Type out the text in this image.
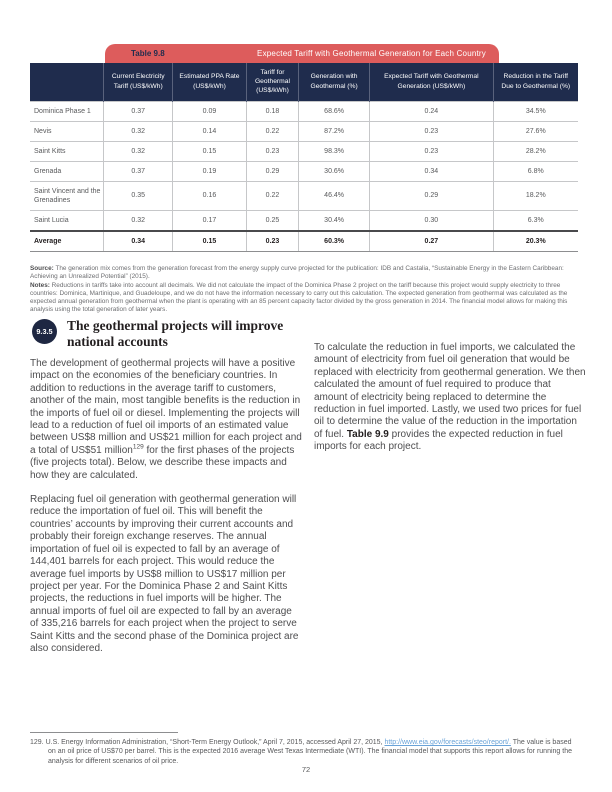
Table 9.8	Expected Tariff with Geothermal Generation for Each Country
	Current Electricity Tariff (US$/kWh)	Estimated PPA Rate (US$/kWh)	Tariff for Geothermal (US$/kWh)	Generation with Geothermal (%)	Expected Tariff with Geothermal Generation (US$/kWh)	Reduction in the Tariff Due to Geothermal (%)
Dominica Phase 1	0.37	0.09	0.18	68.6%	0.24	34.5%
Nevis	0.32	0.14	0.22	87.2%	0.23	27.6%
Saint Kitts	0.32	0.15	0.23	98.3%	0.23	28.2%
Grenada	0.37	0.19	0.29	30.6%	0.34	6.8%
Saint Vincent and the Grenadines	0.35	0.16	0.22	46.4%	0.29	18.2%
Saint Lucia	0.32	0.17	0.25	30.4%	0.30	6.3%
Average	0.34	0.15	0.23	60.3%	0.27	20.3%
Source: The generation mix comes from the generation forecast from the energy supply curve projected for the publication: IDB and Castalia, “Sustainable Energy in the Eastern Caribbean: Achieving an Unrealized Potential” (2015).
Notes: Reductions in tariffs take into account all decimals. We did not calculate the impact of the Dominica Phase 2 project on the tariff because this project would supply electricity to three countries: Dominica, Martinique, and Guadeloupe, and we do not have the information necessary to carry out this calculation. The expected generation from geothermal was calculated as the expected annual generation from geothermal when the plant is operating with an 85 percent capacity factor divided by the gross generation in 2014. The financial model allows for making this analysis using the total generation of later years.
9.3.5	The geothermal projects will improve national accounts

The development of geothermal projects will have a positive impact on the economies of the beneficiary countries. In addition to reductions in the average tariff to customers, another of the main, most tangible benefits is the reduction in the imports of fuel oil or diesel. Implementing the projects will lead to a reduction of fuel oil imports of an estimated value between US$8 million and US$21 million for each project and a total of US$51 million$^{129}$ for the first phases of the projects (five projects total). Below, we describe these impacts and how they are calculated.

Replacing fuel oil generation with geothermal generation will reduce the importation of fuel oil. This will benefit the countries’ accounts by improving their current accounts and probably their foreign exchange reserves. The annual importation of fuel oil is expected to fall by an average of 144,401 barrels for each project. This would reduce the average fuel imports by US$8 million to US$17 million per project per year. For the Dominica Phase 2 and Saint Kitts projects, the reductions in fuel imports will be higher. The annual imports of fuel oil are expected to fall by an average of 335,216 barrels for each project when the project to serve Saint Kitts and the second phase of the Dominica project are also considered.

To calculate the reduction in fuel imports, we calculated the amount of electricity from fuel oil generation that would be replaced with electricity from geothermal generation. We then calculated the amount of fuel required to produce that amount of electricity being replaced to determine the reduction in fuel imported. Lastly, we used two prices for fuel oil to determine the value of the reduction in the importation of fuel. Table 9.9 provides the expected reduction in fuel imports for each project.

129. U.S. Energy Information Administration, “Short-Term Energy Outlook,” April 7, 2015, accessed April 27, 2015, http://www.eia.gov/forecasts/steo/report/. The value is based on an oil price of US$70 per barrel. This is the expected 2016 average West Texas Intermediate (WTI). The financial model that supports this report allows for running the analysis for different scenarios of oil price.
72
